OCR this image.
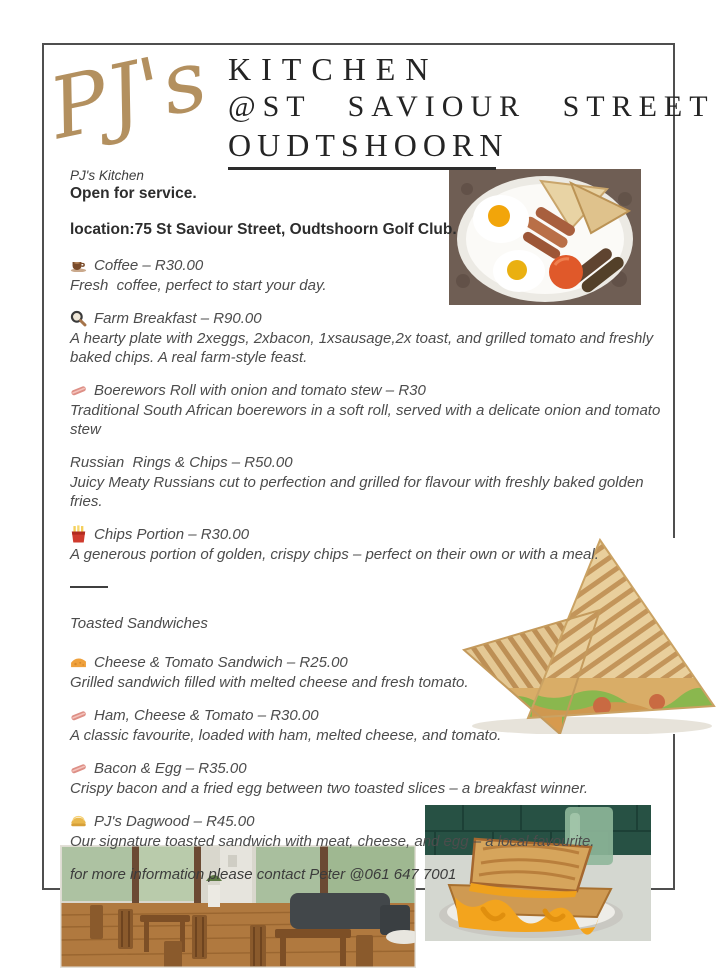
PJ's KITCHEN
@ST SAVIOUR STREET
OUDTSHOORN

PJ's Kitchen

Open for service.

location:75 St Saviour Street, Oudtshoorn Golf Club.

Coffee – R30.00
Fresh  coffee, perfect to start your day.
Farm Breakfast – R90.00
A hearty plate with 2xeggs, 2xbacon, 1xsausage,2x toast, and grilled tomato and freshly baked chips. A real farm-style feast.
Boerewors Roll with onion and tomato stew – R30
Traditional South African boerewors in a soft roll, served with a delicate onion and tomato stew
Russian  Rings & Chips – R50.00
Juicy Meaty Russians cut to perfection and grilled for flavour with freshly baked golden fries.
Chips Portion – R30.00
A generous portion of golden, crispy chips – perfect on their own or with a meal.

Toasted Sandwiches

Cheese & Tomato Sandwich – R25.00
Grilled sandwich filled with melted cheese and fresh tomato.
Ham, Cheese & Tomato – R30.00
A classic favourite, loaded with ham, melted cheese, and tomato.
Bacon & Egg – R35.00
Crispy bacon and a fried egg between two toasted slices – a breakfast winner.
PJ's Dagwood – R45.00
Our signature toasted sandwich with meat, cheese, and egg – a local favourite.

for more information please contact Peter @061 647 7001
